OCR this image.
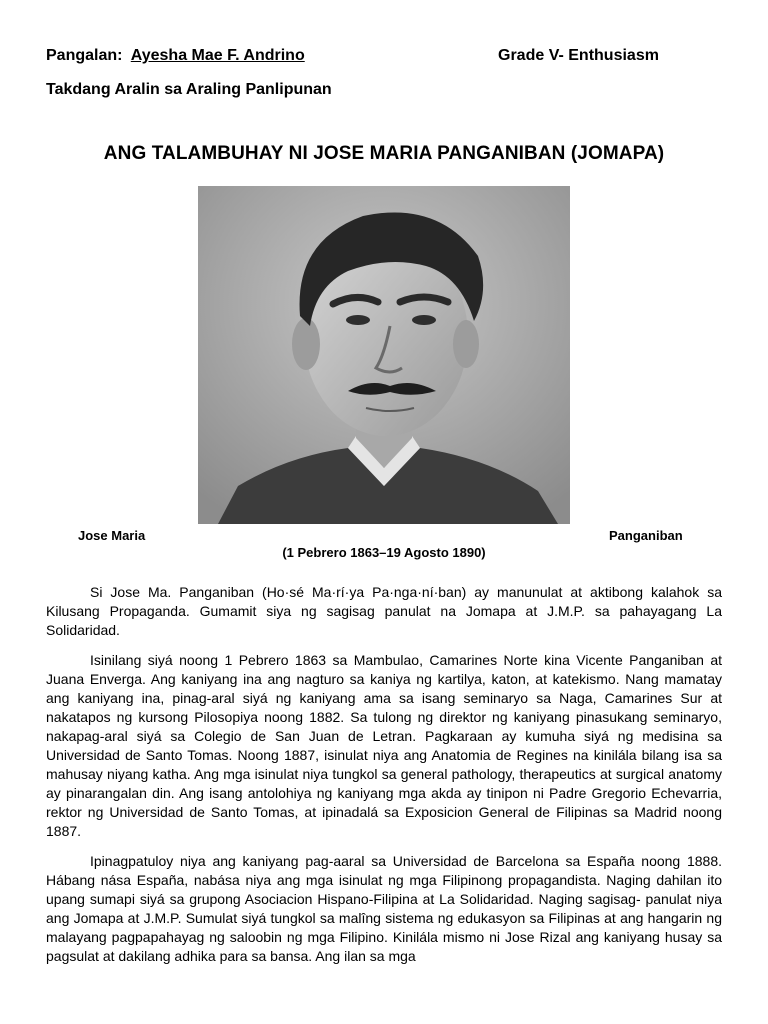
Pangalan: Ayesha Mae F. Andrino	Grade V- Enthusiasm
Takdang Aralin sa Araling Panlipunan
ANG TALAMBUHAY NI JOSE MARIA PANGANIBAN (JOMAPA)
Jose Maria	Panganiban
(1 Pebrero 1863–19 Agosto 1890)

Si Jose Ma. Panganiban (Ho·sé Ma·rí·ya Pa·nga·ní·ban) ay manunulat at aktibong kalahok sa Kilusang Propaganda. Gumamit siya ng sagisag panulat na Jomapa at J.M.P. sa pahayagang La Solidaridad.

Isinilang siyá noong 1 Pebrero 1863 sa Mambulao, Camarines Norte kina Vicente Panganiban at Juana Enverga. Ang kaniyang ina ang nagturo sa kaniya ng kartilya, katon, at katekismo. Nang mamatay ang kaniyang ina, pinag-aral siyá ng kaniyang ama sa isang seminaryo sa Naga, Camarines Sur at nakatapos ng kursong Pilosopiya noong 1882. Sa tulong ng direktor ng kaniyang pinasukang seminaryo, nakapag-aral siyá sa Colegio de San Juan de Letran. Pagkaraan ay kumuha siyá ng medisina sa Universidad de Santo Tomas. Noong 1887, isinulat niya ang Anatomia de Regines na kinilála bilang isa sa mahusay niyang katha. Ang mga isinulat niya tungkol sa general pathology, therapeutics at surgical anatomy ay pinarangalan din. Ang isang antolohiya ng kaniyang mga akda ay tinipon ni Padre Gregorio Echevarria, rektor ng Universidad de Santo Tomas, at ipinadalá sa Exposicion General de Filipinas sa Madrid noong 1887.

Ipinagpatuloy niya ang kaniyang pag-aaral sa Universidad de Barcelona sa España noong 1888. Hábang nása España, nabása niya ang mga isinulat ng mga Filipinong propagandista. Naging dahilan ito upang sumapi siyá sa grupong Asociacion Hispano-Filipina at La Solidaridad. Naging sagisag- panulat niya ang Jomapa at J.M.P. Sumulat siyá tungkol sa malîng sistema ng edukasyon sa Filipinas at ang hangarin ng malayang pagpapahayag ng saloobin ng mga Filipino. Kinilála mismo ni Jose Rizal ang kaniyang husay sa pagsulat at dakilang adhika para sa bansa. Ang ilan sa mga
